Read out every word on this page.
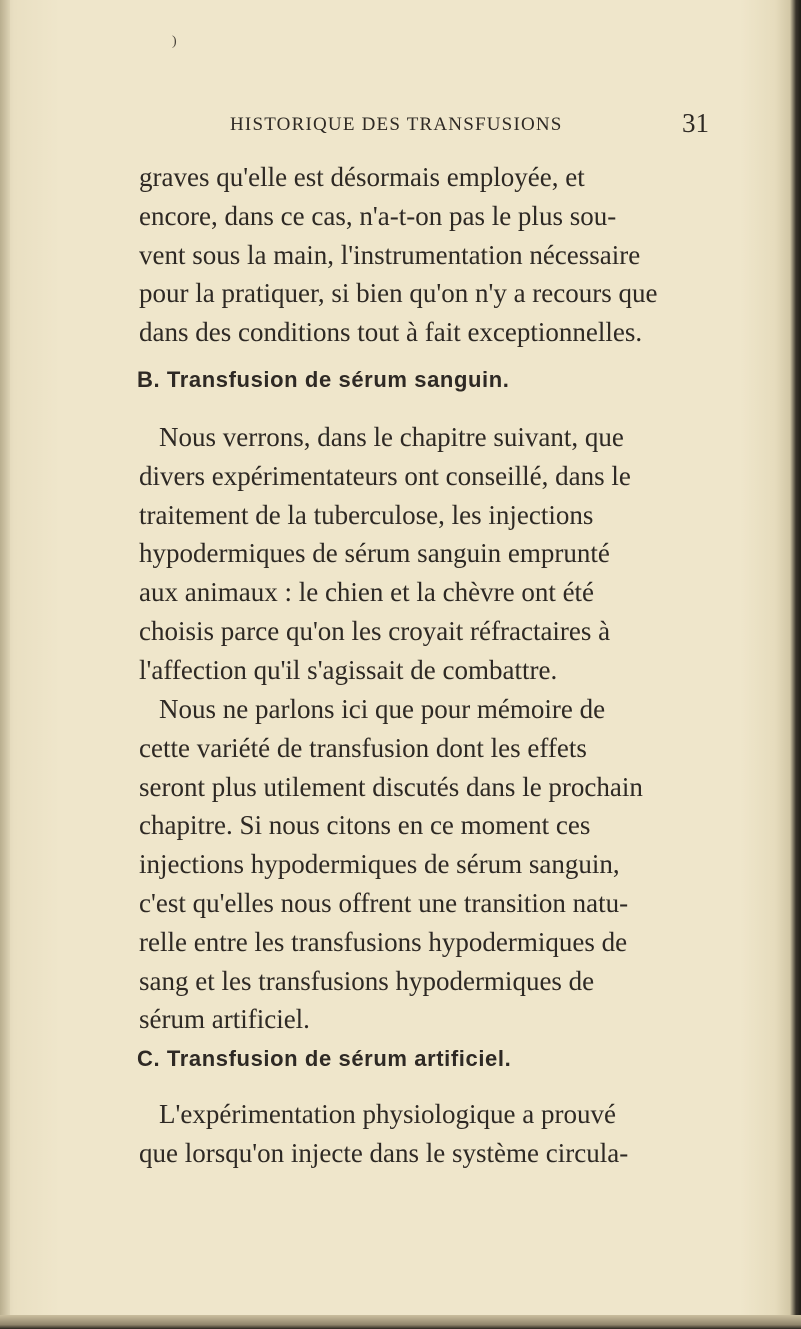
)
HISTORIQUE DES TRANSFUSIONS	31

graves qu'elle est désormais employée, et
encore, dans ce cas, n'a-t-on pas le plus sou-
vent sous la main, l'instrumentation nécessaire
pour la pratiquer, si bien qu'on n'y a recours que
dans des conditions tout à fait exceptionnelles.

B. Transfusion de sérum sanguin.

Nous verrons, dans le chapitre suivant, que
divers expérimentateurs ont conseillé, dans le
traitement de la tuberculose, les injections
hypodermiques de sérum sanguin emprunté
aux animaux : le chien et la chèvre ont été
choisis parce qu'on les croyait réfractaires à
l'affection qu'il s'agissait de combattre.

Nous ne parlons ici que pour mémoire de
cette variété de transfusion dont les effets
seront plus utilement discutés dans le prochain
chapitre. Si nous citons en ce moment ces
injections hypodermiques de sérum sanguin,
c'est qu'elles nous offrent une transition natu-
relle entre les transfusions hypodermiques de
sang et les transfusions hypodermiques de
sérum artificiel.

C. Transfusion de sérum artificiel.

L'expérimentation physiologique a prouvé
que lorsqu'on injecte dans le système circula-
